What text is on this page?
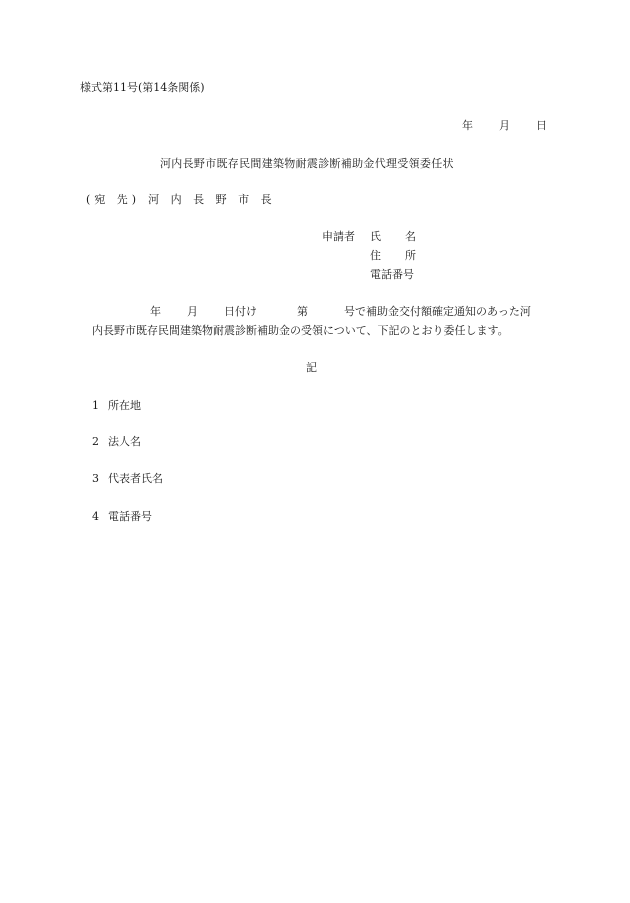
様式第11号(第14条関係)
年 月 日
河内長野市既存民間建築物耐震診断補助金代理受領委任状
(宛 先) 河 内 長 野 市 長
申請者 氏 名
住 所
電話番号
年 月 日付け	第	号で補助金交付額確定通知のあった河
内長野市既存民間建築物耐震診断補助金の受領について、下記のとおり委任します。
記
1 所在地
2 法人名
3 代表者氏名
4 電話番号
